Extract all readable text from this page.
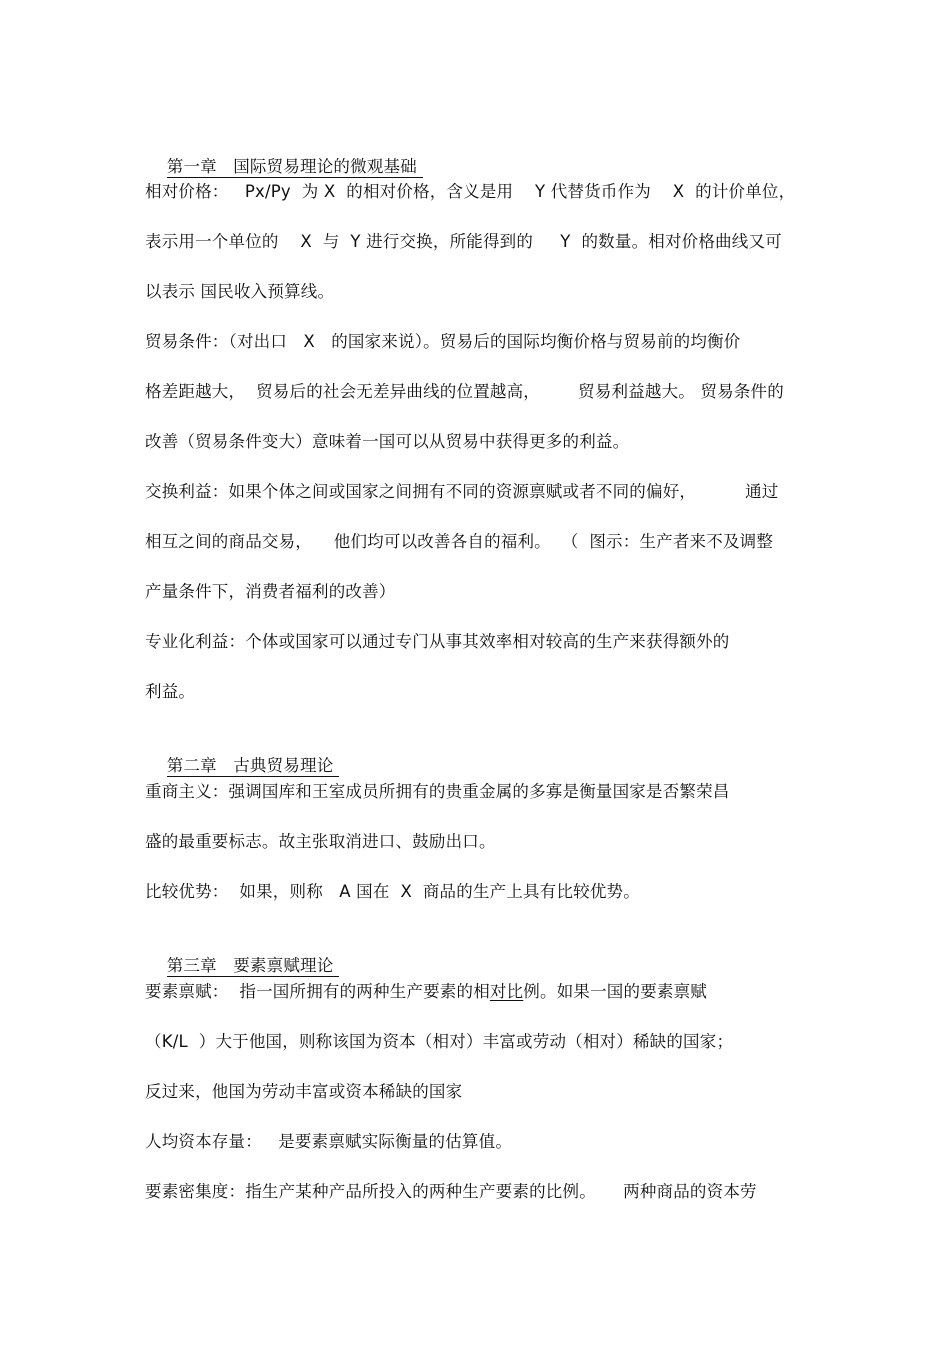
第一章   国际贸易理论的微观基础

相对价格：   Px/Py  为 X  的相对价格，含义是用    Y 代替货币作为    X  的计价单位，
表示用一个单位的    X  与  Y 进行交换，所能得到的     Y  的数量。相对价格曲线又可
以表示 国民收入预算线。
贸易条件：（对出口   X   的国家来说）。贸易后的国际均衡价格与贸易前的均衡价
格差距越大，  贸易后的社会无差异曲线的位置越高，       贸易利益越大。 贸易条件的
改善（贸易条件变大）意味着一国可以从贸易中获得更多的利益。
交换利益：如果个体之间或国家之间拥有不同的资源禀赋或者不同的偏好，         通过
相互之间的商品交易，    他们均可以改善各自的福利。  （  图示：生产者来不及调整
产量条件下，消费者福利的改善）
专业化利益：个体或国家可以通过专门从事其效率相对较高的生产来获得额外的
利益。

第二章   古典贸易理论

重商主义：强调国库和王室成员所拥有的贵重金属的多寡是衡量国家是否繁荣昌
盛的最重要标志。故主张取消进口、鼓励出口。
比较优势：  如果，则称   A 国在  X  商品的生产上具有比较优势。

第三章   要素禀赋理论

要素禀赋：  指一国所拥有的两种生产要素的相对比例。如果一国的要素禀赋
（K/L  ）大于他国，则称该国为资本（相对）丰富或劳动（相对）稀缺的国家；
反过来，他国为劳动丰富或资本稀缺的国家
人均资本存量：   是要素禀赋实际衡量的估算值。
要素密集度：指生产某种产品所投入的两种生产要素的比例。     两种商品的资本劳
